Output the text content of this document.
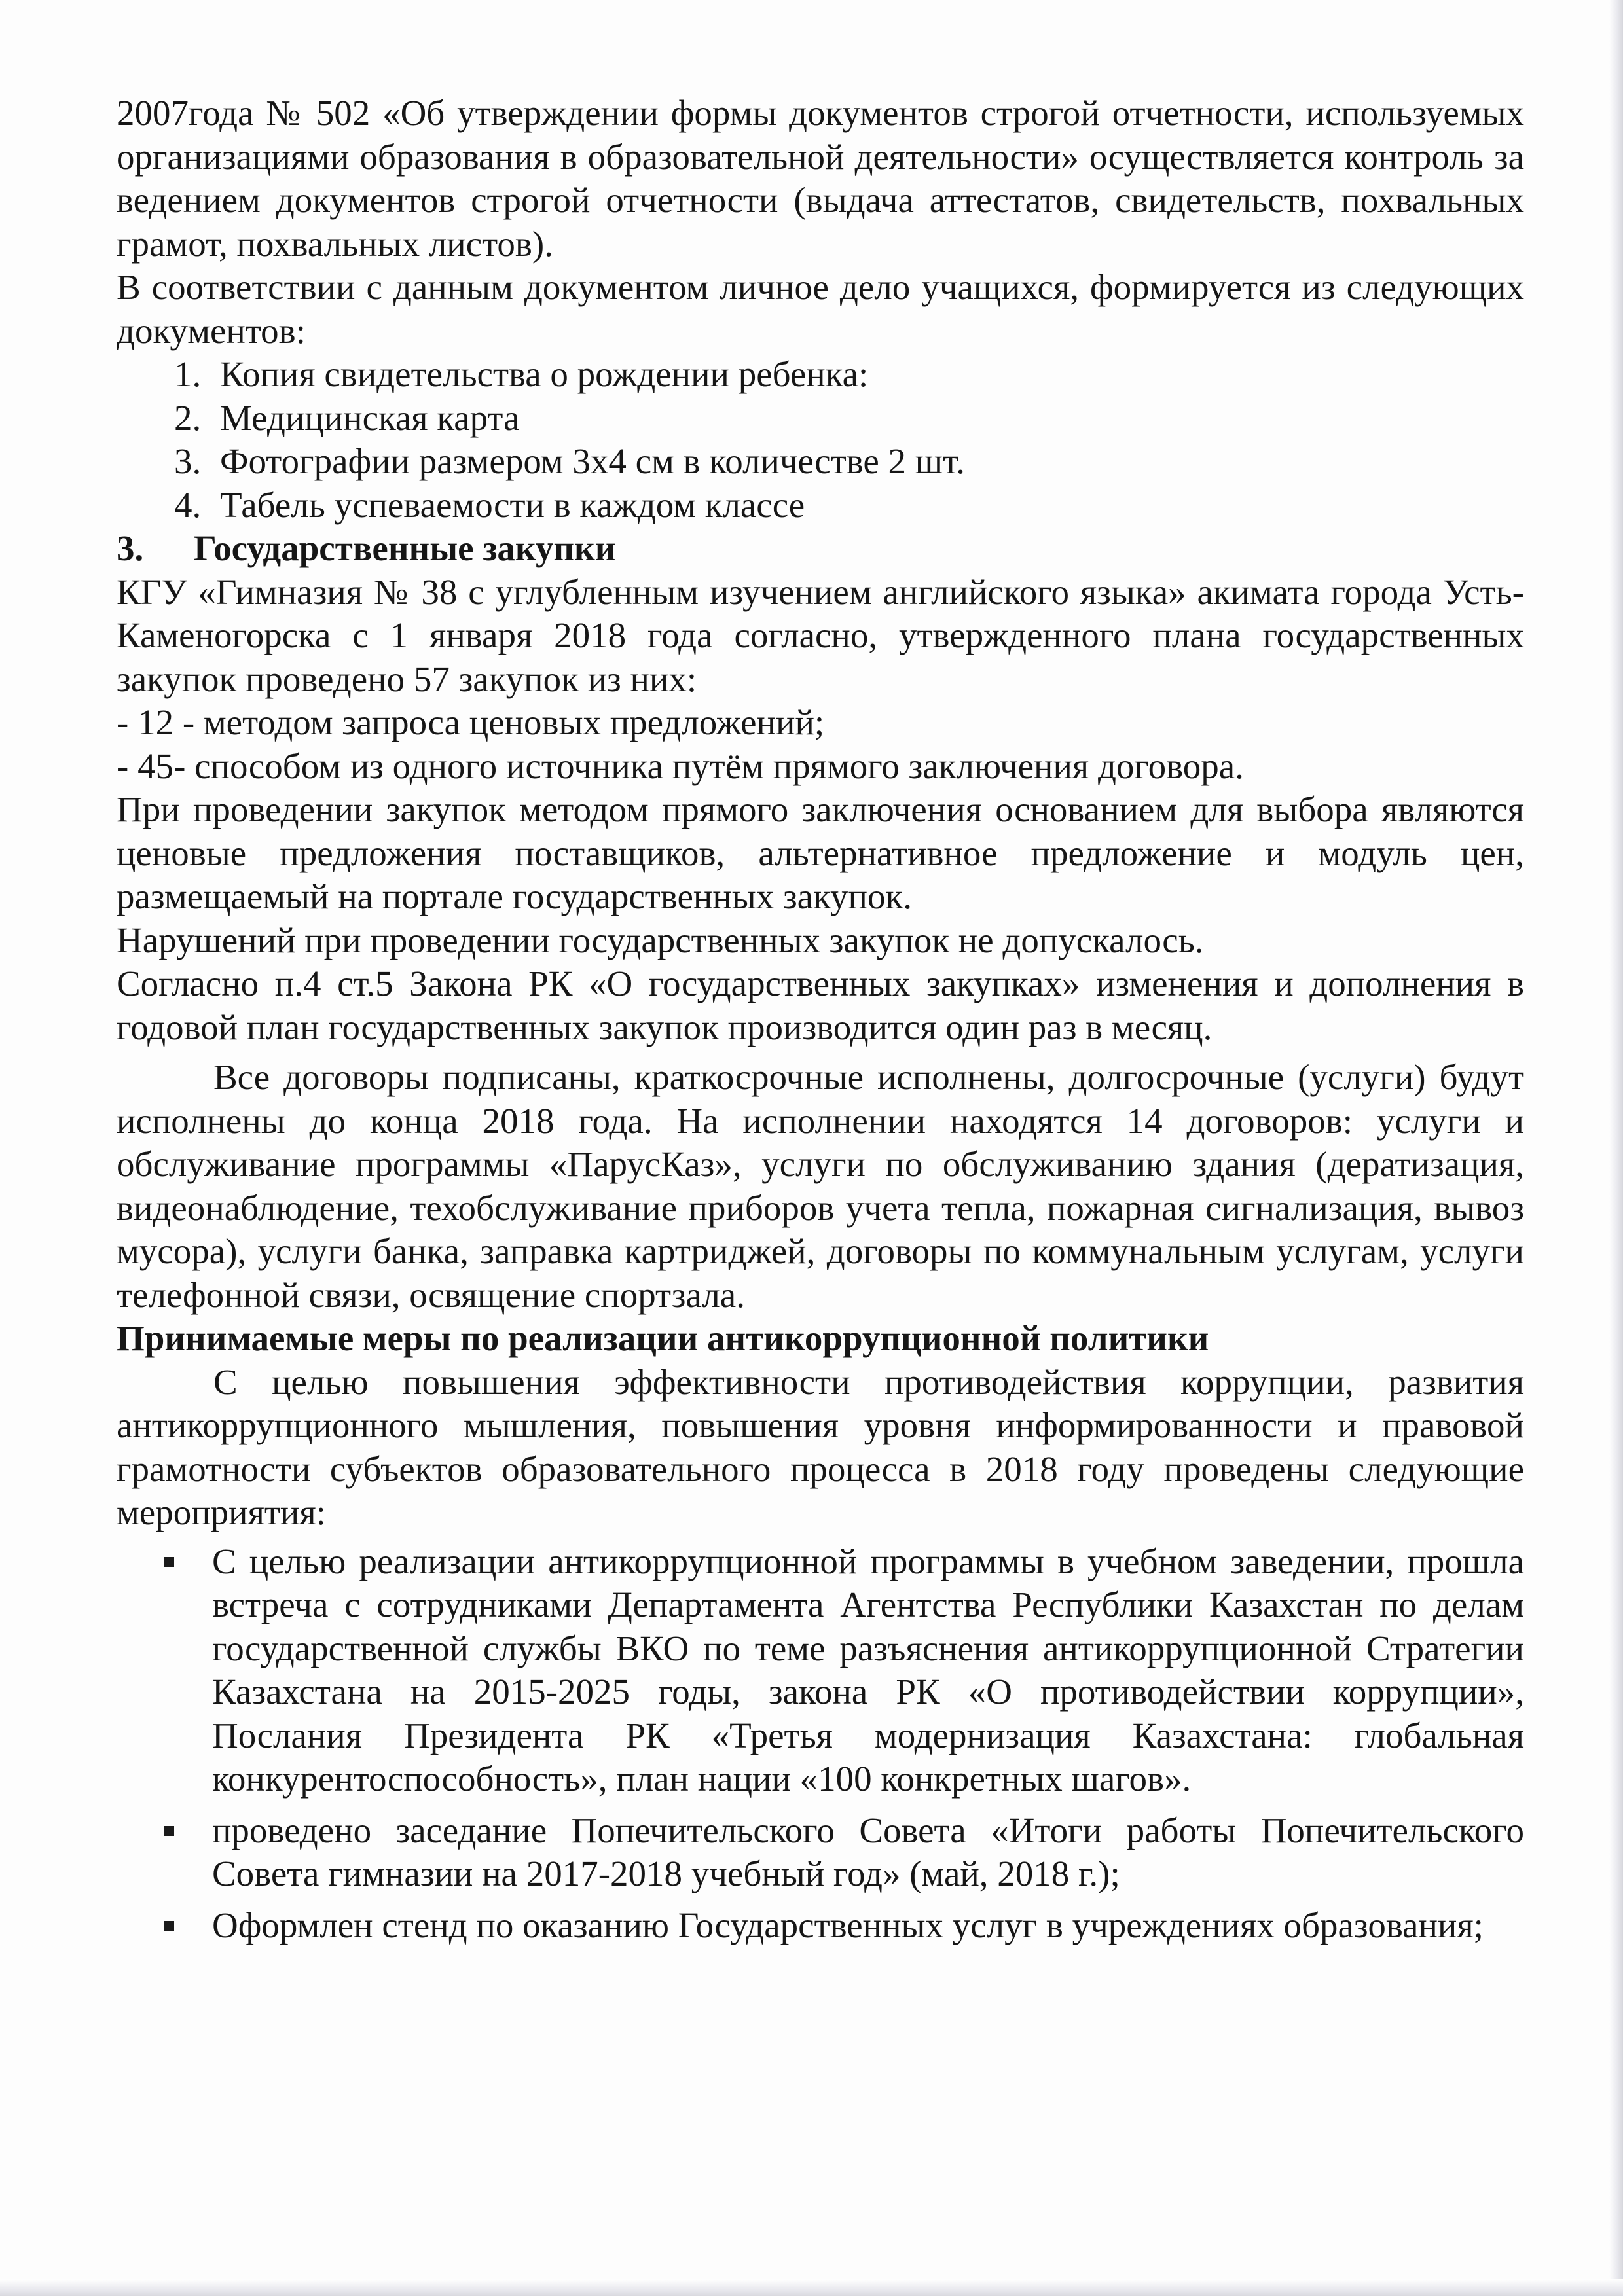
2007года № 502 «Об утверждении формы документов строгой отчетности, используемых организациями образования в образовательной деятельности» осуществляется контроль за ведением документов строгой отчетности (выдача аттестатов, свидетельств, похвальных грамот, похвальных листов).

В соответствии с данным документом личное дело учащихся, формируется из следующих документов:

1. Копия свидетельства о рождении ребенка:
2. Медицинская карта
3. Фотографии размером 3х4 см в количестве 2 шт.
4. Табель успеваемости в каждом классе
3.	Государственные закупки

КГУ «Гимназия № 38 с углубленным изучением английского языка» акимата города Усть-Каменогорска с 1 января 2018 года согласно, утвержденного плана государственных закупок проведено 57 закупок из них:

- 12 - методом запроса ценовых предложений;

- 45- способом из одного источника путём прямого заключения договора.

При проведении закупок методом прямого заключения основанием для выбора являются ценовые предложения поставщиков, альтернативное предложение и модуль цен, размещаемый на портале государственных закупок.

Нарушений при проведении государственных закупок не допускалось.

Согласно п.4 ст.5 Закона РК «О государственных закупках» изменения и дополнения в годовой план государственных закупок производится один раз в месяц.

Все договоры подписаны, краткосрочные исполнены, долгосрочные (услуги) будут исполнены до конца 2018 года. На исполнении находятся 14 договоров: услуги и обслуживание программы «ПарусКаз», услуги по обслуживанию здания (дератизация, видеонаблюдение, техобслуживание приборов учета тепла, пожарная сигнализация, вывоз мусора), услуги банка, заправка картриджей, договоры по коммунальным услугам, услуги телефонной связи, освящение спортзала.

Принимаемые меры по реализации антикоррупционной политики

С целью повышения эффективности противодействия коррупции, развития антикоррупционного мышления, повышения уровня информированности и правовой грамотности субъектов образовательного процесса в 2018 году проведены следующие мероприятия:

С целью реализации антикоррупционной программы в учебном заведении, прошла встреча с сотрудниками Департамента Агентства Республики Казахстан по делам государственной службы ВКО по теме разъяснения антикоррупционной Стратегии Казахстана на 2015-2025 годы, закона РК «О противодействии коррупции», Послания Президента РК «Третья модернизация Казахстана: глобальная конкурентоспособность», план нации «100 конкретных шагов».
проведено заседание Попечительского Совета «Итоги работы Попечительского Совета гимназии на 2017-2018 учебный год» (май, 2018 г.);
Оформлен стенд по оказанию Государственных услуг в учреждениях образования;
